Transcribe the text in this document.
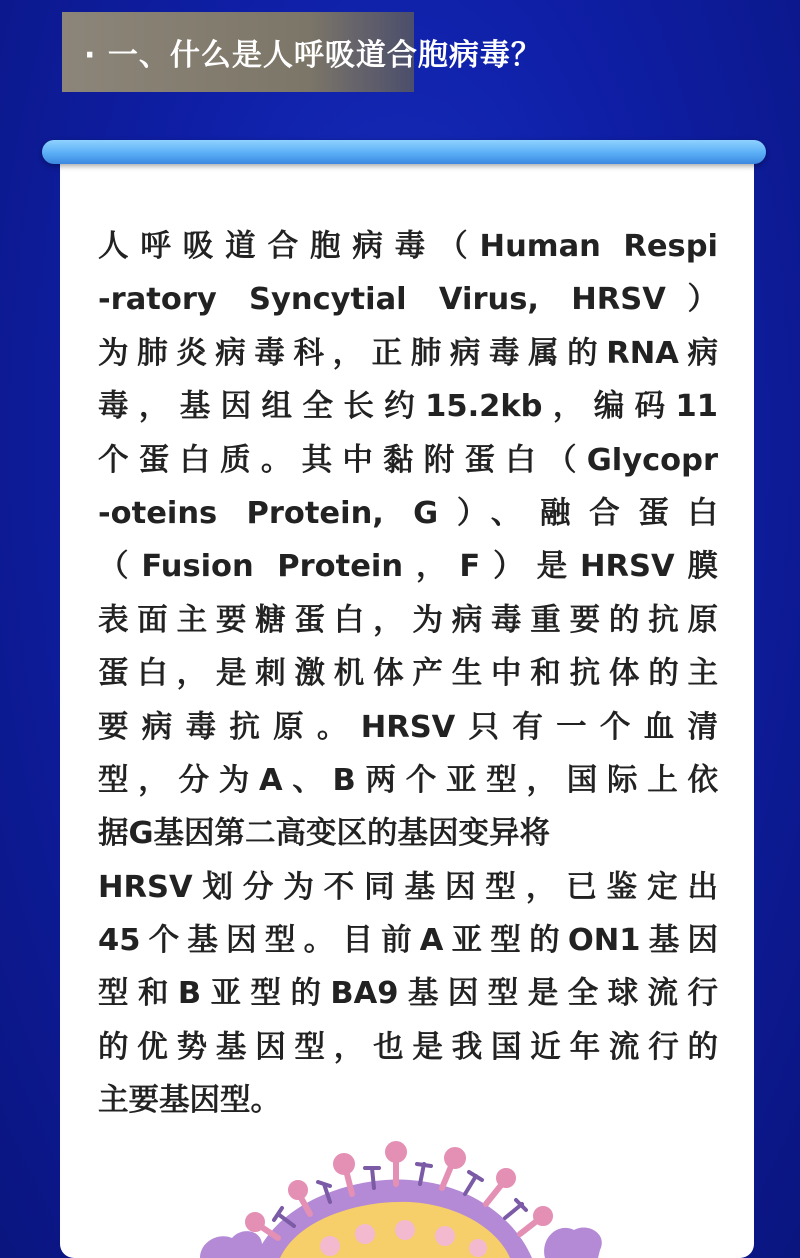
· 一、什么是人呼吸道合胞病毒？
人呼吸道合胞病毒（Human Respi
-ratory Syncytial Virus, HRSV）
为肺炎病毒科，正肺病毒属的RNA病
毒，基因组全长约15.2kb，编码11
个蛋白质。其中黏附蛋白（Glycopr
-oteins Protein, G）、融合蛋白
（Fusion Protein，F）是HRSV膜
表面主要糖蛋白，为病毒重要的抗原
蛋白，是刺激机体产生中和抗体的主
要病毒抗原。HRSV只有一个血清
型，分为A、B两个亚型，国际上依
据G基因第二高变区的基因变异将
HRSV划分为不同基因型，已鉴定出
45个基因型。目前A亚型的ON1基因
型和B亚型的BA9基因型是全球流行
的优势基因型，也是我国近年流行的
主要基因型。
